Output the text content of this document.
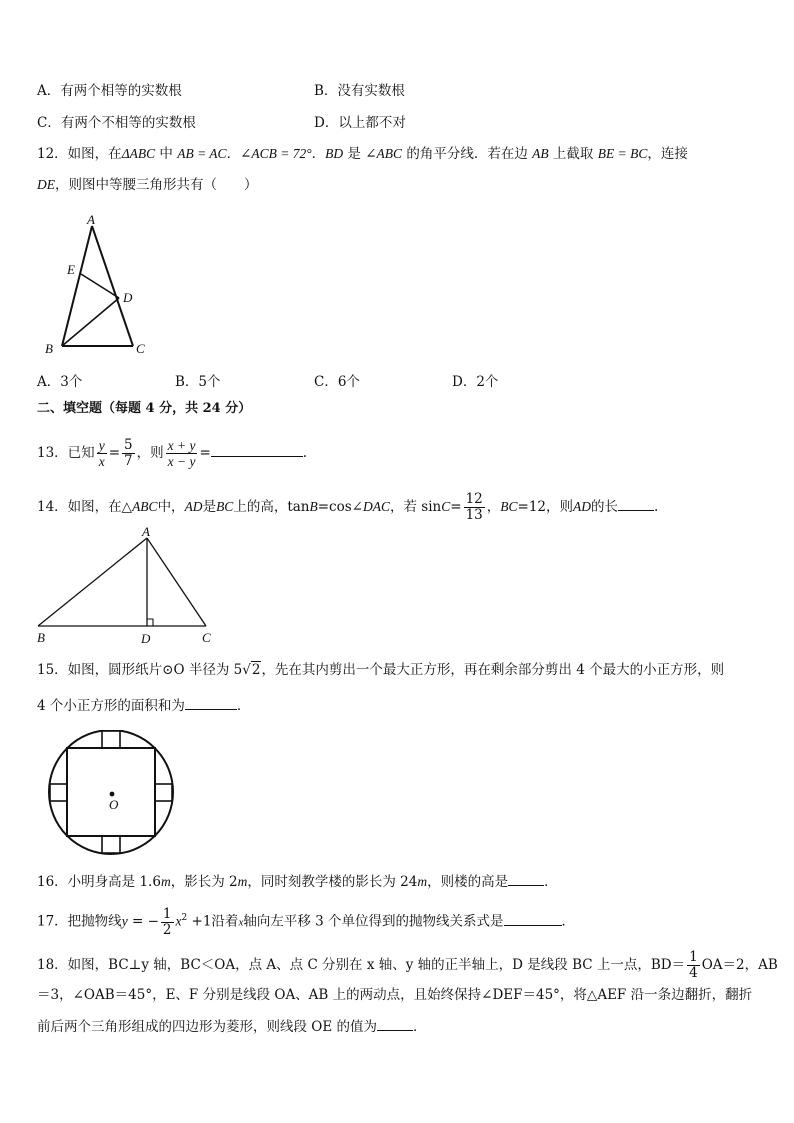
A．有两个相等的实数根	B．没有实数根
C．有两个不相等的实数根	D．以上都不对
12．如图，在ΔABC 中 AB = AC．∠ACB = 72°．BD 是 ∠ABC 的角平分线．若在边 AB 上截取 BE = BC，连接
DE，则图中等腰三角形共有（　　）
A
E
D
B	C
A．3个	B．5个	C．6个	D．2个
二、填空题（每题 4 分，共 24 分）
13．已知 $\frac{y}{x} = \frac{5}{7}$ ，则 $\frac{x + y}{x - y}$ =	.
14．如图，在△ABC中，AD是BC上的高，tanB=cos∠DAC，若 $\sin C= \frac{12}{13}$ ，BC=12，则AD的长	.
A
B	D	C
15．如图，圆形纸片⊙O 半径为 5√2，先在其内剪出一个最大正方形，再在剩余部分剪出 4 个最大的小正方形，则
4 个小正方形的面积和为	．
O
16．小明身高是 1.6m，影长为 2m，同时刻教学楼的影长为 24m，则楼的高是	．
17．把抛物线y = − $\frac{1}{2} x^2 +1$沿着x轴向左平移 3 个单位得到的抛物线关系式是	．
18．如图，BC⊥y 轴，BC＜OA，点 A、点 C 分别在 x 轴、y 轴的正半轴上，D 是线段 BC 上一点，$BD= \frac{1}{4} OA=2$，AB
＝3，∠OAB＝45°，E、F 分别是线段 OA、AB 上的两动点，且始终保持∠DEF＝45°，将△AEF 沿一条边翻折，翻折
前后两个三角形组成的四边形为菱形，则线段 OE 的值为	．
